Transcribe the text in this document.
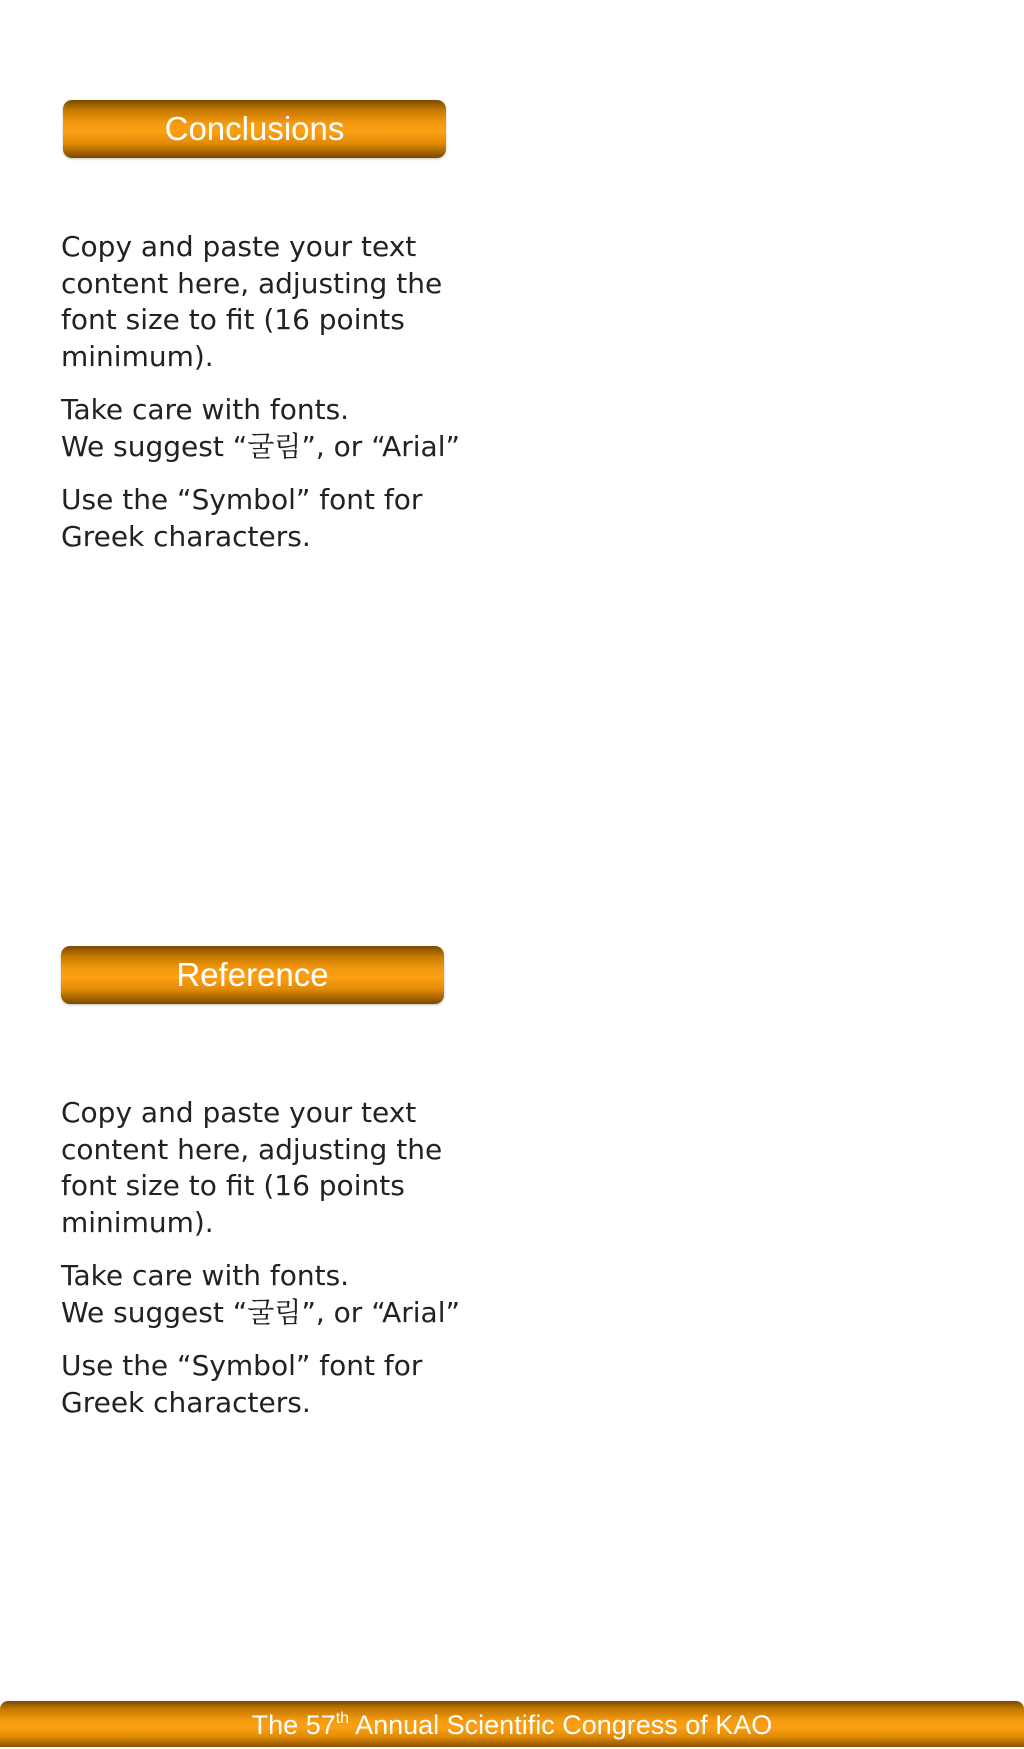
Conclusions

Copy and paste your text content here, adjusting the font size to fit (16 points minimum).

Take care with fonts.
We suggest “굴림”, or “Arial”

Use the “Symbol” font for Greek characters.

Reference

Copy and paste your text content here, adjusting the font size to fit (16 points minimum).

Take care with fonts.
We suggest “굴림”, or “Arial”

Use the “Symbol” font for Greek characters.

The 57th Annual Scientific Congress of KAO
